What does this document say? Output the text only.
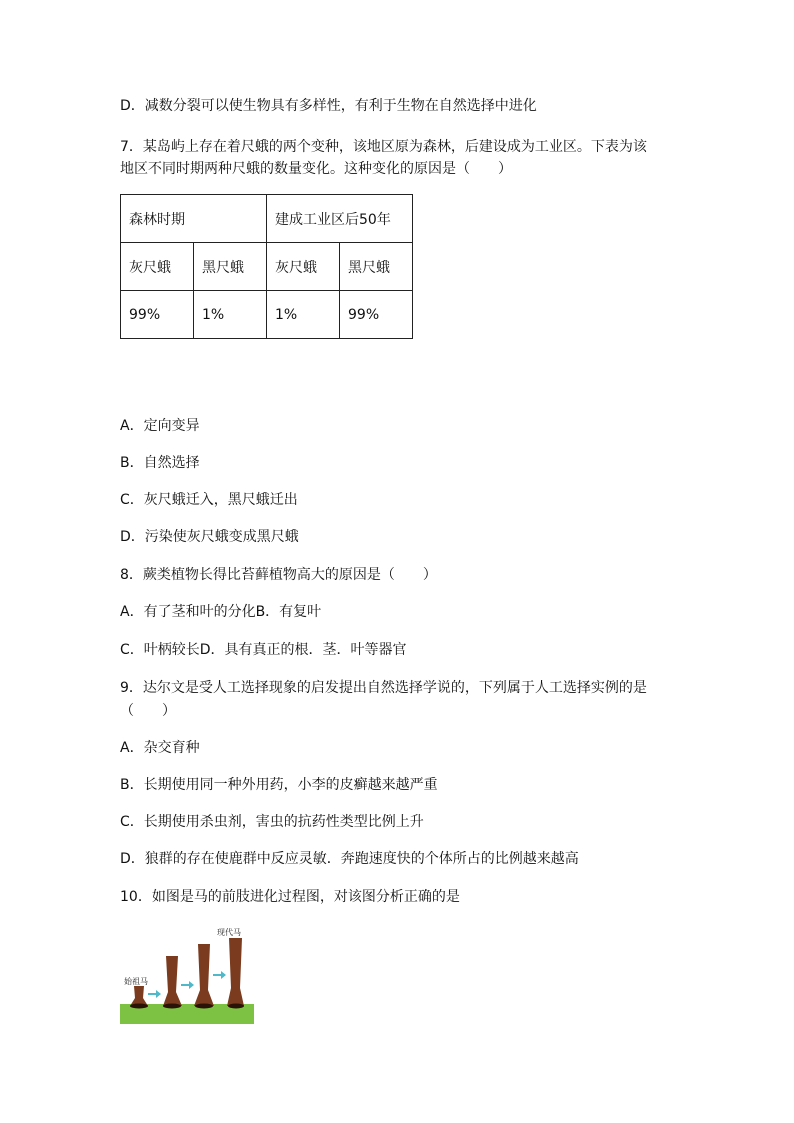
D．减数分裂可以使生物具有多样性，有利于生物在自然选择中进化
7．某岛屿上存在着尺蛾的两个变种，该地区原为森林，后建设成为工业区。下表为该
地区不同时期两种尺蛾的数量变化。这种变化的原因是（　　）
森林时期		建成工业区后50年	
灰尺蛾	黑尺蛾	灰尺蛾	黑尺蛾
99%	1%	1%	99%
A．定向变异
B．自然选择
C．灰尺蛾迁入，黑尺蛾迁出
D．污染使灰尺蛾变成黑尺蛾
8．蕨类植物长得比苔藓植物高大的原因是（　　）
A．有了茎和叶的分化B．有复叶
C．叶柄较长D．具有真正的根．茎．叶等器官
9．达尔文是受人工选择现象的启发提出自然选择学说的，下列属于人工选择实例的是
（　　）
A．杂交育种
B．长期使用同一种外用药，小李的皮癣越来越严重
C．长期使用杀虫剂，害虫的抗药性类型比例上升
D．狼群的存在使鹿群中反应灵敏．奔跑速度快的个体所占的比例越来越高
10．如图是马的前肢进化过程图，对该图分析正确的是
始祖马
现代马
